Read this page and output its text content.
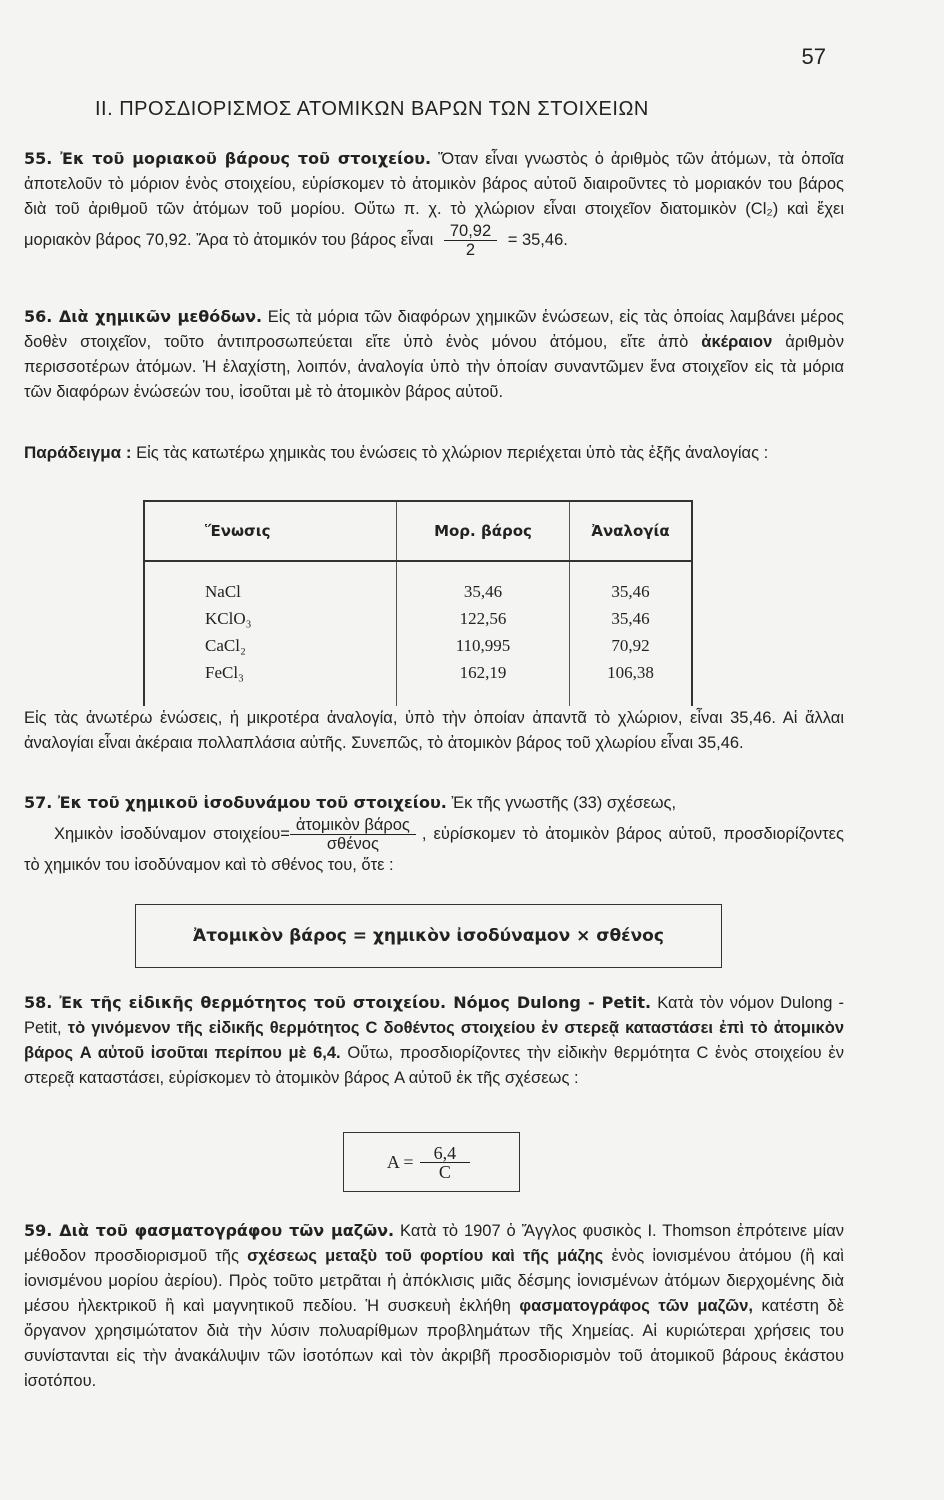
57
II. ΠΡΟΣΔΙΟΡΙΣΜΟΣ ΑΤΟΜΙΚΩΝ ΒΑΡΩΝ ΤΩΝ ΣΤΟΙΧΕΙΩΝ

55. Ἐκ τοῦ μοριακοῦ βάρους τοῦ στοιχείου. Ὅταν εἶναι γνωστὸς ὁ ἀριθμὸς τῶν ἀτόμων, τὰ ὁποῖα ἀποτελοῦν τὸ μόριον ἑνὸς στοιχείου, εὑρίσκομεν τὸ ἀτομικὸν βάρος αὐτοῦ διαιροῦντες τὸ μοριακόν του βάρος διὰ τοῦ ἀριθμοῦ τῶν ἀτόμων τοῦ μορίου. Οὕτω π. χ. τὸ χλώριον εἶναι στοιχεῖον διατομικὸν (Cl₂) καὶ ἔχει μοριακὸν βάρος 70,92. Ἄρα τὸ ἀτομικόν του βάρος εἶναι $\frac{70,92}{2} = 35,46$.

56. Διὰ χημικῶν μεθόδων. Εἰς τὰ μόρια τῶν διαφόρων χημικῶν ἑνώσεων, εἰς τὰς ὁποίας λαμβάνει μέρος δοθὲν στοιχεῖον, τοῦτο ἀντιπροσωπεύεται εἴτε ὑπὸ ἑνὸς μόνου ἀτόμου, εἴτε ἀπὸ ἀκέραιον ἀριθμὸν περισσοτέρων ἀτόμων. Ἡ ἐλαχίστη, λοιπόν, ἀναλογία ὑπὸ τὴν ὁποίαν συναντῶμεν ἕνα στοιχεῖον εἰς τὰ μόρια τῶν διαφόρων ἑνώσεών του, ἰσοῦται μὲ τὸ ἀτομικὸν βάρος αὐτοῦ.

Παράδειγμα : Εἰς τὰς κατωτέρω χημικὰς του ἑνώσεις τὸ χλώριον περιέχεται ὑπὸ τὰς ἑξῆς ἀναλογίας :

Ἕνωσις	Μορ. βάρος	Ἀναλογία

NaCl	35,46	35,46
KClO₃	122,56	35,46
CaCl₂	110,995	70,92
FeCl₃	162,19	106,38

Εἰς τὰς ἀνωτέρω ἑνώσεις, ἡ μικροτέρα ἀναλογία, ὑπὸ τὴν ὁποίαν ἀπαντᾶ τὸ χλώριον, εἶναι 35,46. Αἱ ἄλλαι ἀναλογίαι εἶναι ἀκέραια πολλαπλάσια αὐτῆς. Συνεπῶς, τὸ ἀτομικὸν βάρος τοῦ χλωρίου εἶναι 35,46.

57. Ἐκ τοῦ χημικοῦ ἰσοδυνάμου τοῦ στοιχείου. Ἐκ τῆς γνωστῆς (33) σχέσεως,
Χημικὸν ἰσοδύναμον $\sigma\tau o\iota\chi\varepsilon ίo\upsilon= \frac{\text{ἀτομικὸν βάρος}}{\text{σθένος}}$ , εὑρίσκομεν τὸ ἀτομικὸν βάρος αὐτοῦ, προσδιορίζοντες τὸ χημικόν του ἰσοδύναμον καὶ τὸ σθένος του, ὅτε :

Ἀτομικὸν βάρος = χημικὸν ἰσοδύναμον × σθένος

58. Ἐκ τῆς εἰδικῆς θερμότητος τοῦ στοιχείου. Νόμος Dulong - Petit. Κατὰ τὸν νόμον Dulong - Petit, τὸ γινόμενον τῆς εἰδικῆς θερμότητος C δοθέντος στοιχείου ἐν στερεᾷ καταστάσει ἐπὶ τὸ ἀτομικὸν βάρος A αὐτοῦ ἰσοῦται περίπου μὲ 6,4. Οὕτω, προσδιορίζοντες τὴν εἰδικὴν θερμότητα C ἑνὸς στοιχείου ἐν στερεᾷ καταστάσει, εὑρίσκομεν τὸ ἀτομικὸν βάρος A αὐτοῦ ἐκ τῆς σχέσεως :

$A = \frac{6,4}{C}$

59. Διὰ τοῦ φασματογράφου τῶν μαζῶν. Κατὰ τὸ 1907 ὁ Ἄγγλος φυσικὸς I. Thomson ἐπρότεινε μίαν μέθοδον προσδιορισμοῦ τῆς σχέσεως μεταξὺ τοῦ φορτίου καὶ τῆς μάζης ἑνὸς ἰονισμένου ἀτόμου (ἢ καὶ ἰονισμένου μορίου ἀερίου). Πρὸς τοῦτο μετρᾶται ἡ ἀπόκλισις μιᾶς δέσμης ἰονισμένων ἀτόμων διερχομένης διὰ μέσου ἠλεκτρικοῦ ἢ καὶ μαγνητικοῦ πεδίου. Ἡ συσκευὴ ἐκλήθη φασματογράφος τῶν μαζῶν, κατέστη δὲ ὄργανον χρησιμώτατον διὰ τὴν λύσιν πολυαρίθμων προβλημάτων τῆς Χημείας. Αἱ κυριώτεραι χρήσεις του συνίστανται εἰς τὴν ἀνακάλυψιν τῶν ἰσοτόπων καὶ τὸν ἀκριβῆ προσδιορισμὸν τοῦ ἀτομικοῦ βάρους ἑκάστου ἰσοτόπου.
